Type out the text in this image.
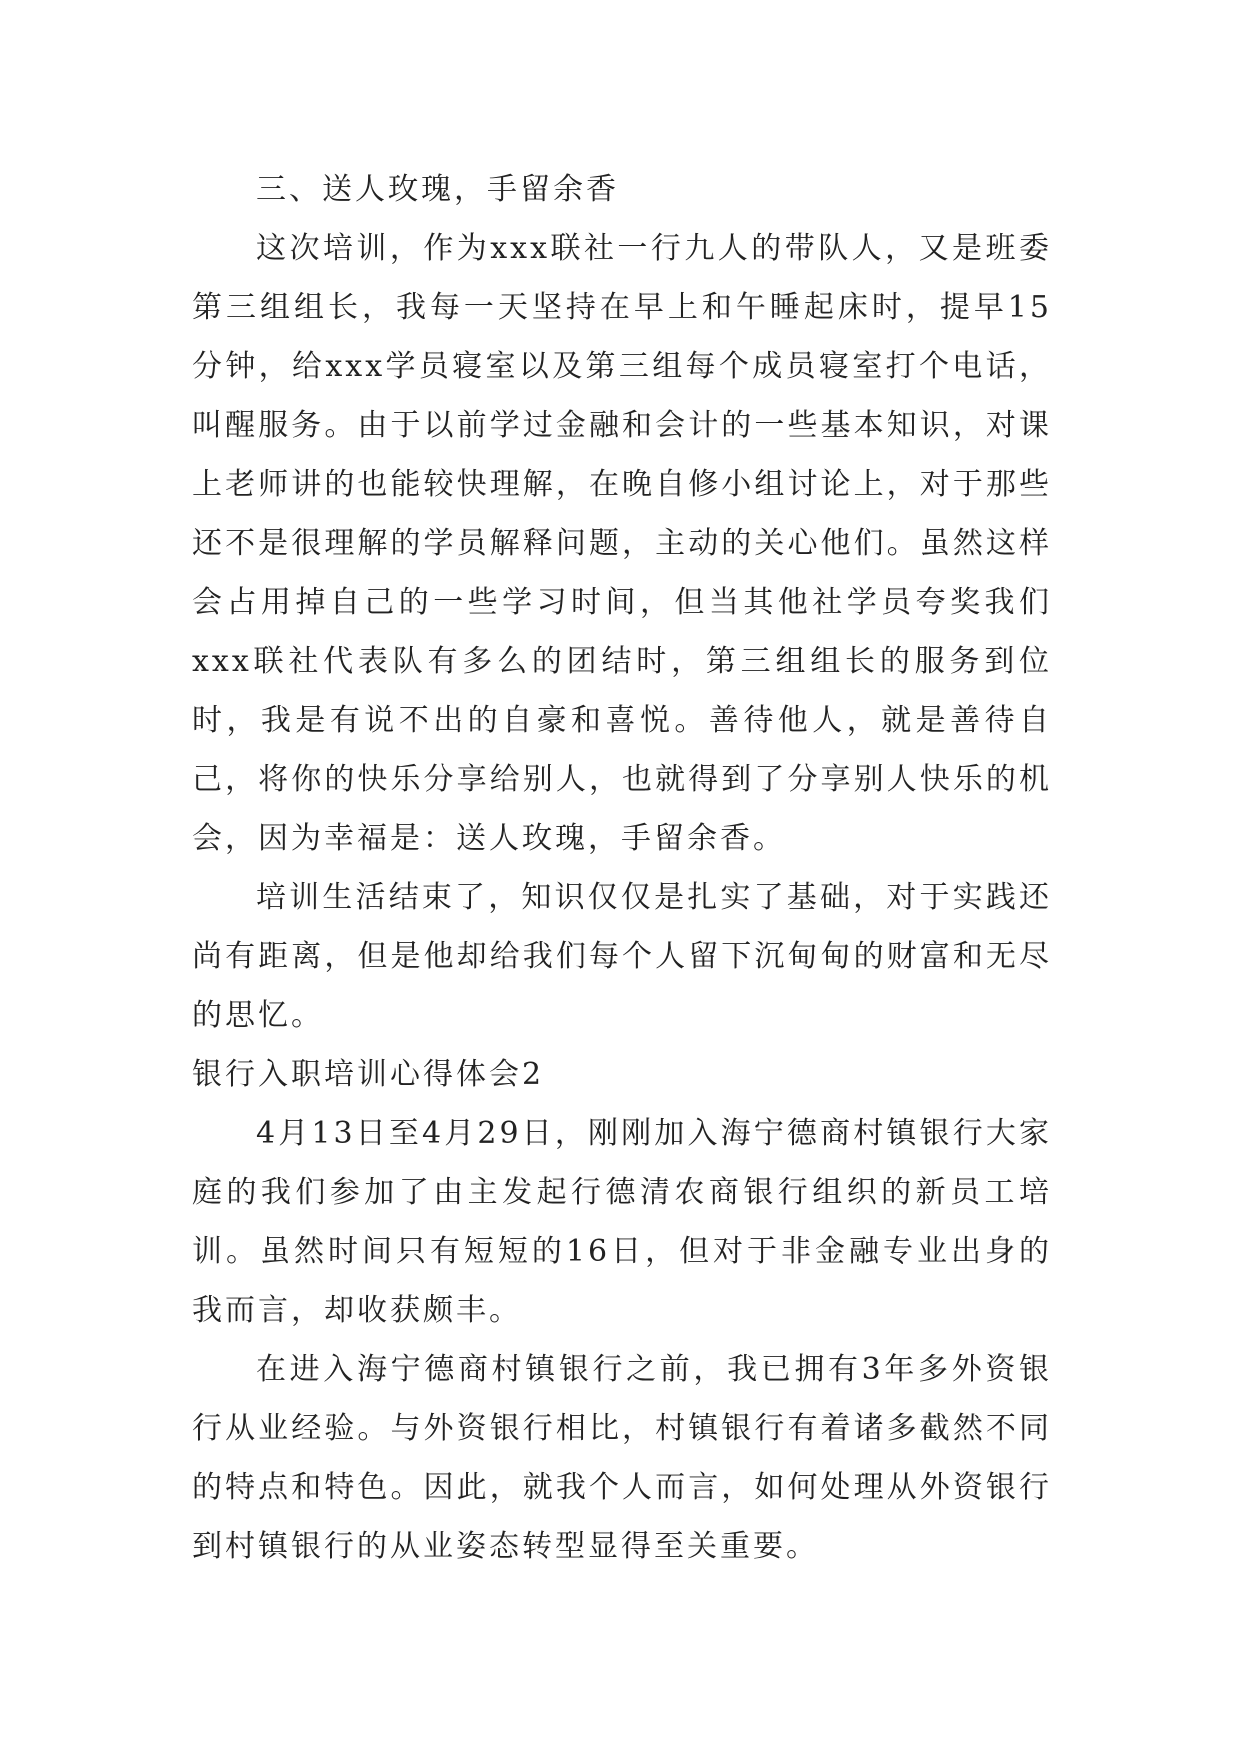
三、送人玫瑰，手留余香

这次培训，作为xxx联社一行九人的带队人，又是班委第三组组长，我每一天坚持在早上和午睡起床时，提早15分钟，给xxx学员寝室以及第三组每个成员寝室打个电话，叫醒服务。由于以前学过金融和会计的一些基本知识，对课上老师讲的也能较快理解，在晚自修小组讨论上，对于那些还不是很理解的学员解释问题，主动的关心他们。虽然这样会占用掉自己的一些学习时间，但当其他社学员夸奖我们xxx联社代表队有多么的团结时，第三组组长的服务到位时，我是有说不出的自豪和喜悦。善待他人，就是善待自己，将你的快乐分享给别人，也就得到了分享别人快乐的机会，因为幸福是：送人玫瑰，手留余香。

培训生活结束了，知识仅仅是扎实了基础，对于实践还尚有距离，但是他却给我们每个人留下沉甸甸的财富和无尽的思忆。

银行入职培训心得体会2

4月13日至4月29日，刚刚加入海宁德商村镇银行大家庭的我们参加了由主发起行德清农商银行组织的新员工培训。虽然时间只有短短的16日，但对于非金融专业出身的我而言，却收获颇丰。

在进入海宁德商村镇银行之前，我已拥有3年多外资银行从业经验。与外资银行相比，村镇银行有着诸多截然不同的特点和特色。因此，就我个人而言，如何处理从外资银行到村镇银行的从业姿态转型显得至关重要。
